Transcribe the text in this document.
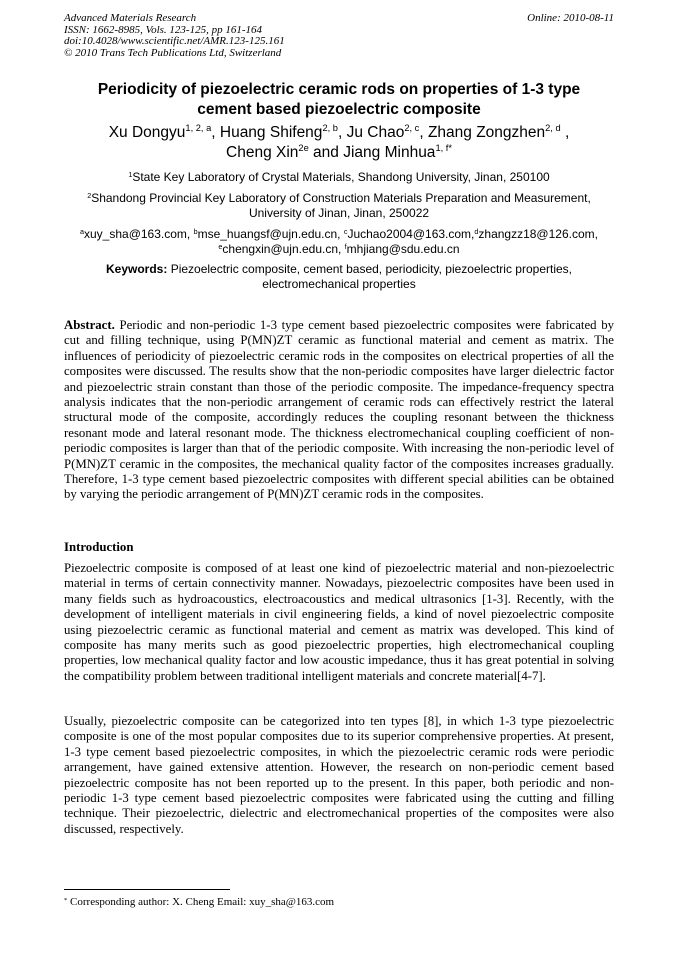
Advanced Materials Research
ISSN: 1662-8985, Vols. 123-125, pp 161-164
doi:10.4028/www.scientific.net/AMR.123-125.161
© 2010 Trans Tech Publications Ltd, Switzerland
Online: 2010-08-11
Periodicity of piezoelectric ceramic rods on properties of 1-3 type
cement based piezoelectric composite
Xu Dongyu$^{1, 2, a}$, Huang Shifeng$^{2, b}$, Ju Chao$^{2, c}$, Zhang Zongzhen$^{2, d}$ ,
Cheng Xin$^{2e}$ and Jiang Minhua$^{1, f*}$
$^1$State Key Laboratory of Crystal Materials, Shandong University, Jinan, 250100
$^2$Shandong Provincial Key Laboratory of Construction Materials Preparation and Measurement, University of Jinan, Jinan, 250022
$^a$xuy_sha@163.com, $^b$mse_huangsf@ujn.edu.cn, $^c$Juchao2004@163.com,$^d$zhangzz18@126.com,
$^e$chengxin@ujn.edu.cn, $^f$mhjiang@sdu.edu.cn
Keywords: Piezoelectric composite, cement based, periodicity, piezoelectric properties, electromechanical properties
Abstract. Periodic and non-periodic 1-3 type cement based piezoelectric composites were fabricated by cut and filling technique, using P(MN)ZT ceramic as functional material and cement as matrix. The influences of periodicity of piezoelectric ceramic rods in the composites on electrical properties of all the composites were discussed. The results show that the non-periodic composites have larger dielectric factor and piezoelectric strain constant than those of the periodic composite. The impedance-frequency spectra analysis indicates that the non-periodic arrangement of ceramic rods can effectively restrict the lateral structural mode of the composite, accordingly reduces the coupling resonant between the thickness resonant mode and lateral resonant mode. The thickness electromechanical coupling coefficient of non-periodic composites is larger than that of the periodic composite. With increasing the non-periodic level of P(MN)ZT ceramic in the composites, the mechanical quality factor of the composites increases gradually. Therefore, 1-3 type cement based piezoelectric composites with different special abilities can be obtained by varying the periodic arrangement of P(MN)ZT ceramic rods in the composites.
Introduction
Piezoelectric composite is composed of at least one kind of piezoelectric material and non-piezoelectric material in terms of certain connectivity manner. Nowadays, piezoelectric composites have been used in many fields such as hydroacoustics, electroacoustics and medical ultrasonics [1-3]. Recently, with the development of intelligent materials in civil engineering fields, a kind of novel piezoelectric composite using piezoelectric ceramic as functional material and cement as matrix was developed. This kind of composite has many merits such as good piezoelectric properties, high electromechanical coupling properties, low mechanical quality factor and low acoustic impedance, thus it has great potential in solving the compatibility problem between traditional intelligent materials and concrete material[4-7].
Usually, piezoelectric composite can be categorized into ten types [8], in which 1-3 type piezoelectric composite is one of the most popular composites due to its superior comprehensive properties. At present, 1-3 type cement based piezoelectric composites, in which the piezoelectric ceramic rods were periodic arrangement, have gained extensive attention. However, the research on non-periodic cement based piezoelectric composite has not been reported up to the present. In this paper, both periodic and non-periodic 1-3 type cement based piezoelectric composites were fabricated using the cutting and filling technique. Their piezoelectric, dielectric and electromechanical properties of the composites were also discussed, respectively.
* Corresponding author: X. Cheng Email: xuy_sha@163.com
